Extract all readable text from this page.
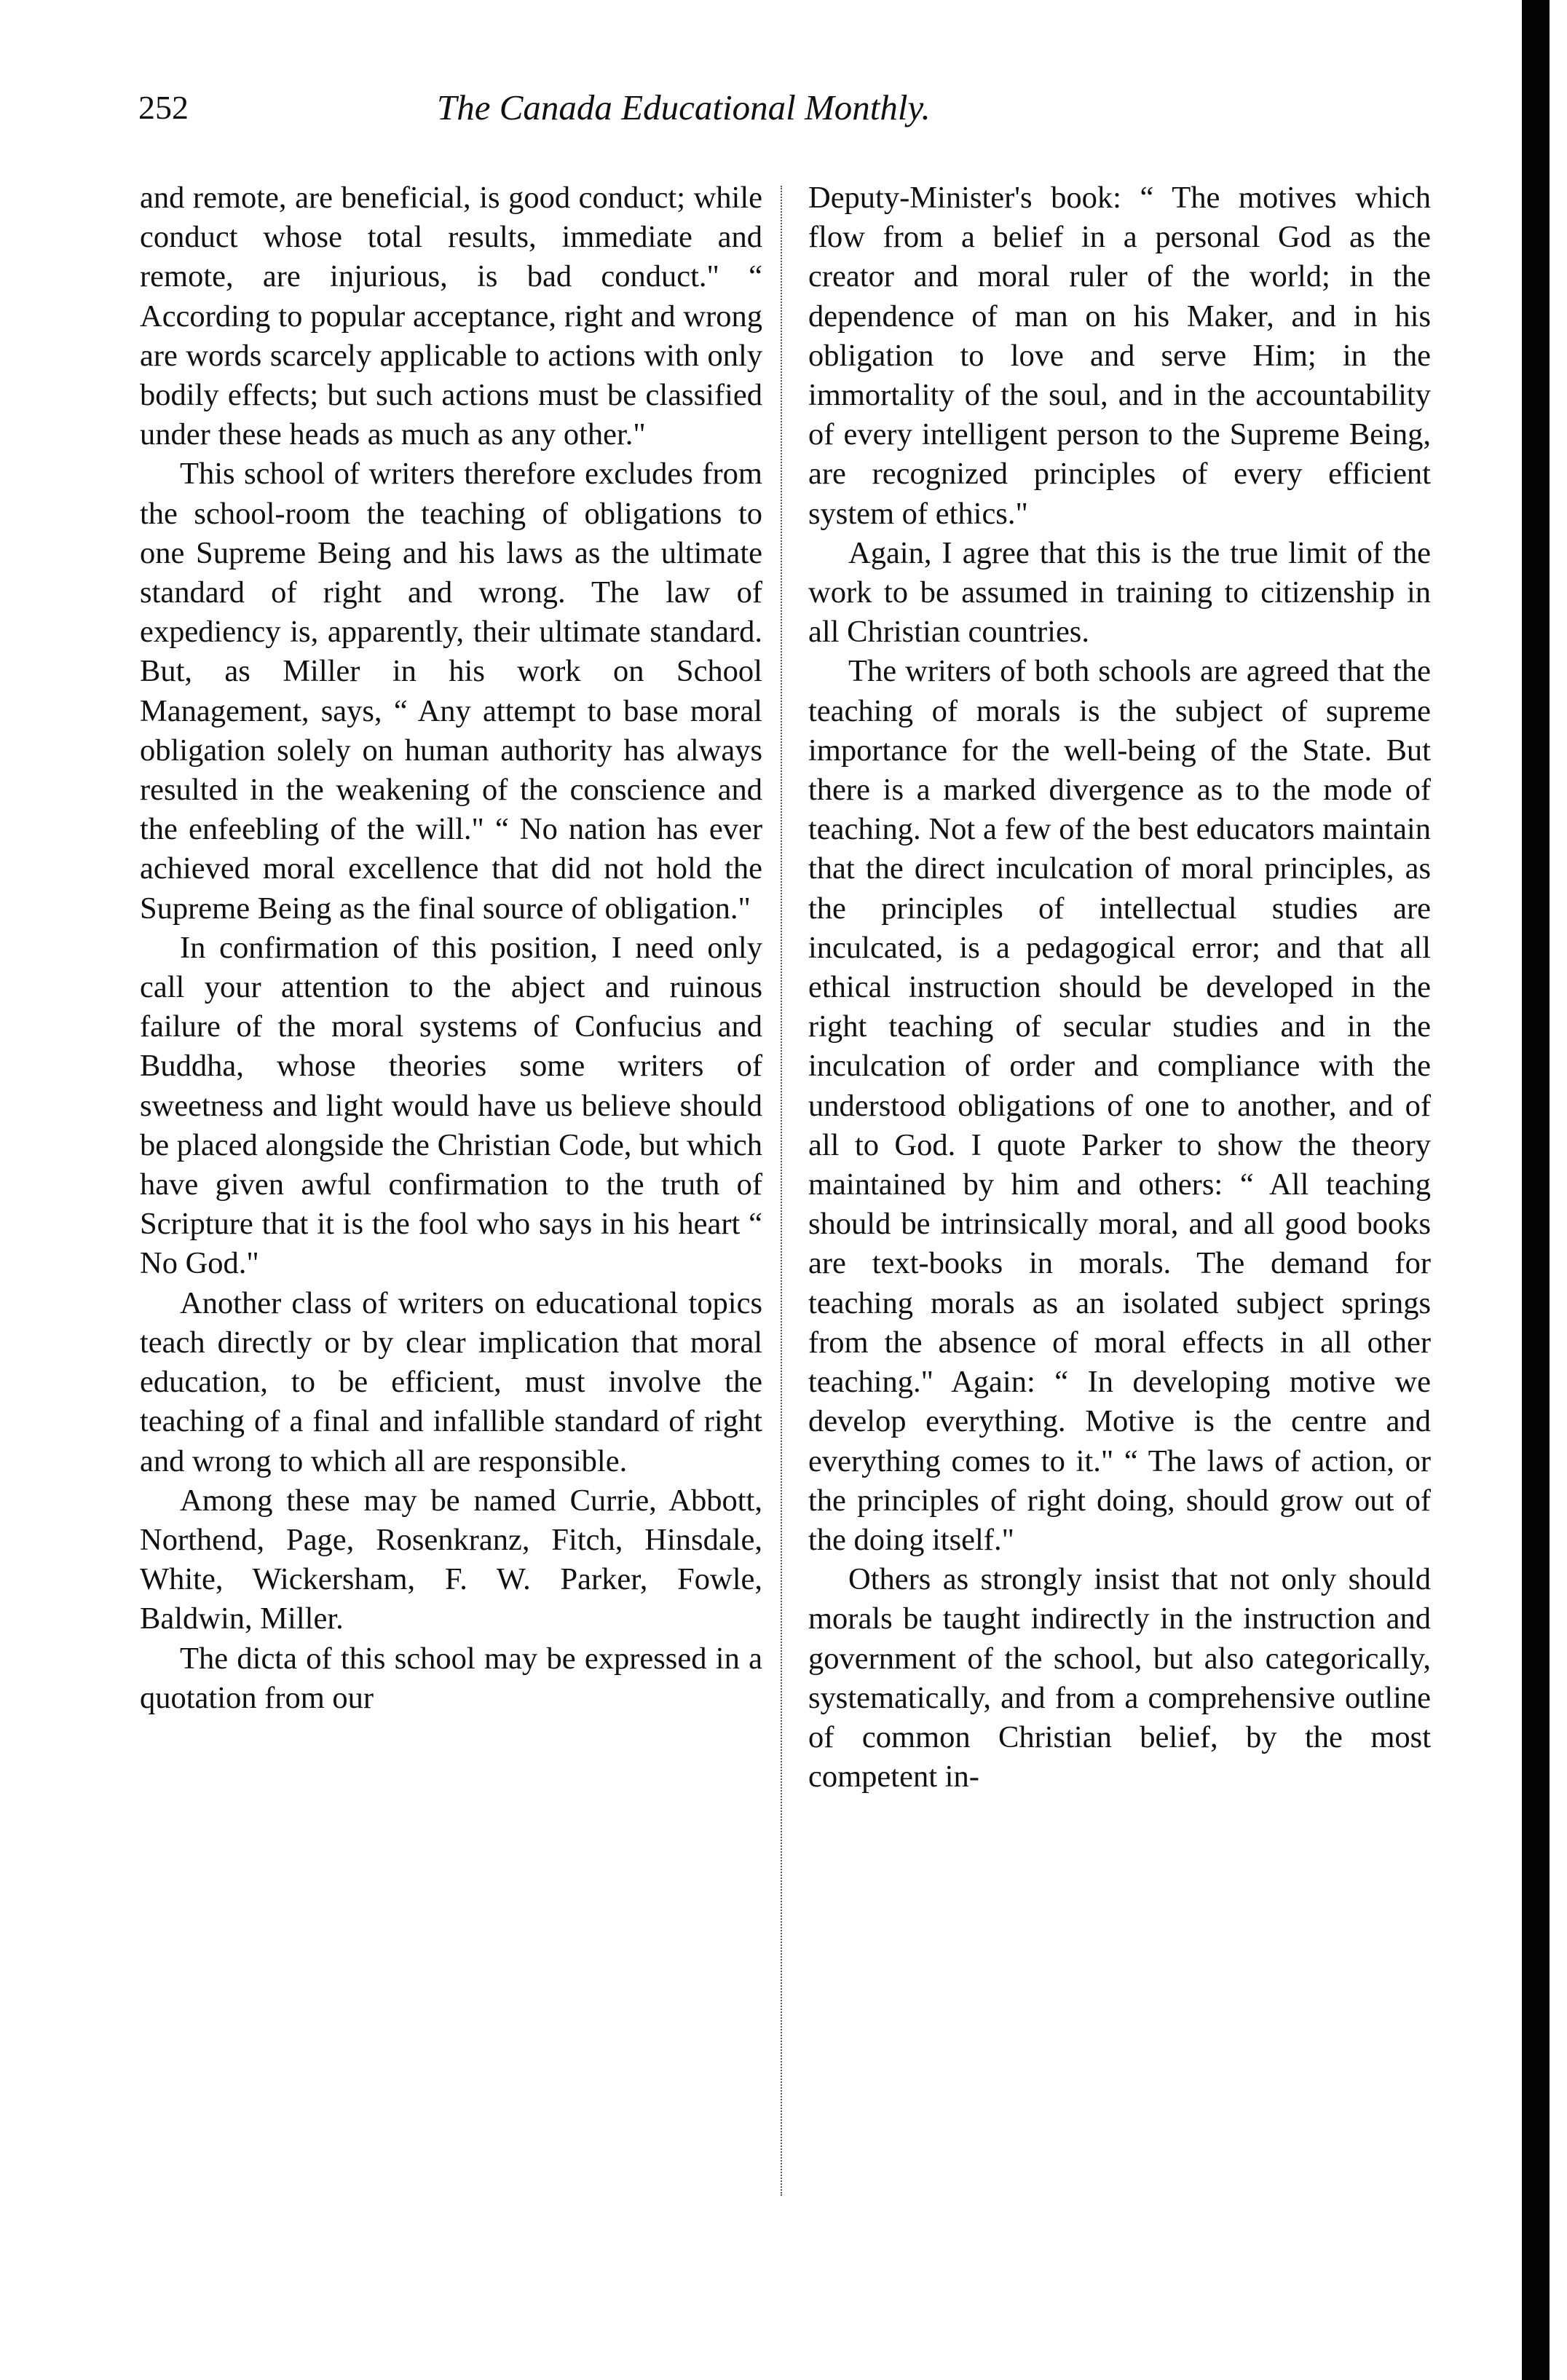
252	The Canada Educational Monthly.

and remote, are beneficial, is good conduct; while conduct whose total results, immediate and remote, are injurious, is bad conduct." “ According to popular acceptance, right and wrong are words scarcely applicable to actions with only bodily effects; but such actions must be classified under these heads as much as any other."

This school of writers therefore excludes from the school-room the teaching of obligations to one Supreme Being and his laws as the ultimate standard of right and wrong. The law of expediency is, apparently, their ultimate standard. But, as Miller in his work on School Management, says, “ Any attempt to base moral obligation solely on human authority has always resulted in the weakening of the conscience and the enfeebling of the will." “ No nation has ever achieved moral excellence that did not hold the Supreme Being as the final source of obligation."

In confirmation of this position, I need only call your attention to the abject and ruinous failure of the moral systems of Confucius and Buddha, whose theories some writers of sweetness and light would have us believe should be placed alongside the Christian Code, but which have given awful confirmation to the truth of Scripture that it is the fool who says in his heart “ No God."

Another class of writers on educational topics teach directly or by clear implication that moral education, to be efficient, must involve the teaching of a final and infallible standard of right and wrong to which all are responsible.

Among these may be named Currie, Abbott, Northend, Page, Rosenkranz, Fitch, Hinsdale, White, Wickersham, F. W. Parker, Fowle, Baldwin, Miller.

The dicta of this school may be expressed in a quotation from our

Deputy-Minister's book: “ The motives which flow from a belief in a personal God as the creator and moral ruler of the world; in the dependence of man on his Maker, and in his obligation to love and serve Him; in the immortality of the soul, and in the accountability of every intelligent person to the Supreme Being, are recognized principles of every efficient system of ethics."

Again, I agree that this is the true limit of the work to be assumed in training to citizenship in all Christian countries.

The writers of both schools are agreed that the teaching of morals is the subject of supreme importance for the well-being of the State. But there is a marked divergence as to the mode of teaching. Not a few of the best educators maintain that the direct inculcation of moral principles, as the principles of intellectual studies are inculcated, is a pedagogical error; and that all ethical instruction should be developed in the right teaching of secular studies and in the inculcation of order and compliance with the understood obligations of one to another, and of all to God. I quote Parker to show the theory maintained by him and others: “ All teaching should be intrinsically moral, and all good books are text-books in morals. The demand for teaching morals as an isolated subject springs from the absence of moral effects in all other teaching." Again: “ In developing motive we develop everything. Motive is the centre and everything comes to it." “ The laws of action, or the principles of right doing, should grow out of the doing itself."

Others as strongly insist that not only should morals be taught indirectly in the instruction and government of the school, but also categorically, systematically, and from a comprehensive outline of common Christian belief, by the most competent in-
